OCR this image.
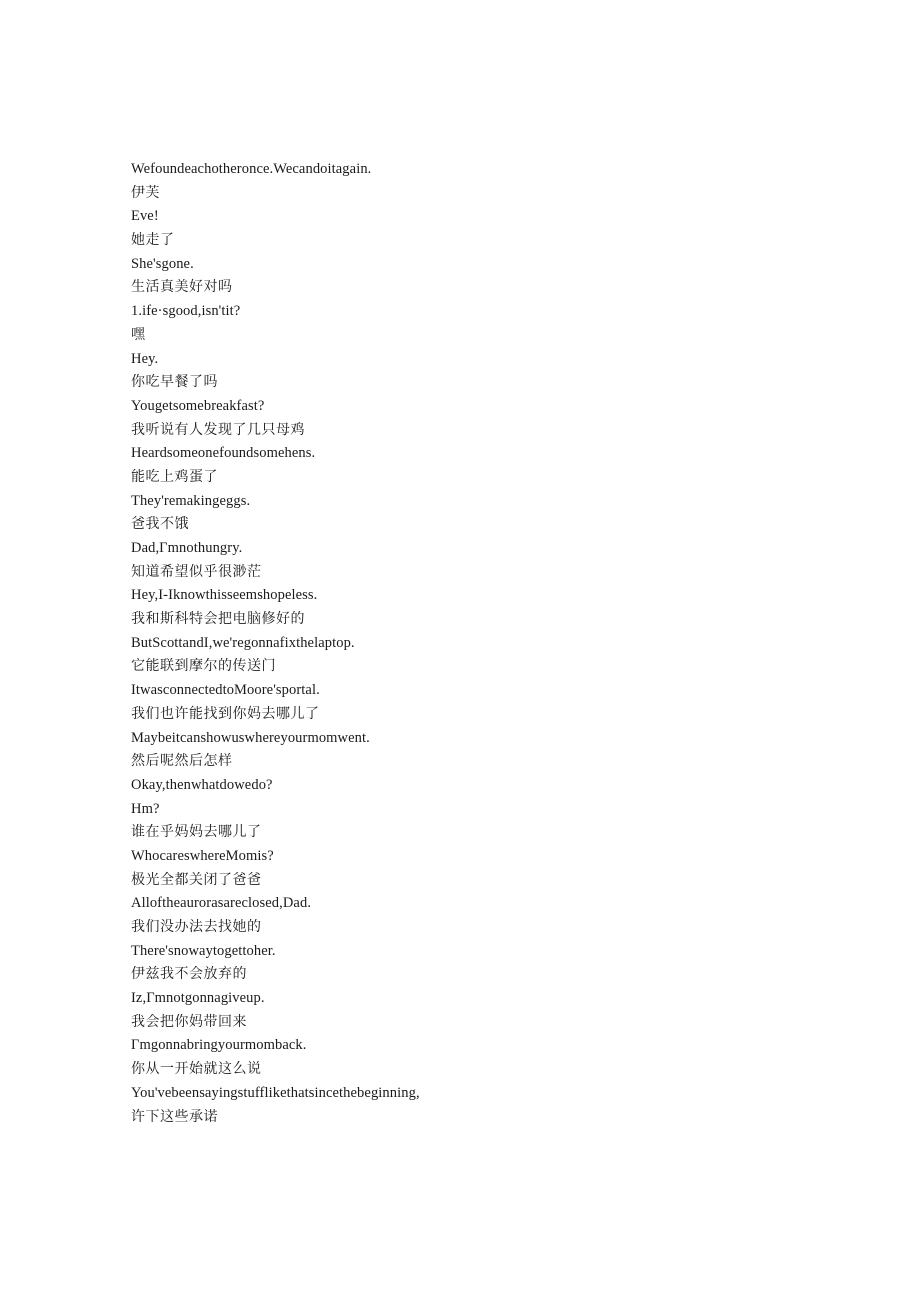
Wefoundeachotheronce.Wecandoitagain.
伊芙
Eve!
她走了
She'sgone.
生活真美好对吗
1.ife·sgood,isn'tit?
嘿
Hey.
你吃早餐了吗
Yougetsomebreakfast?
我听说有人发现了几只母鸡
Heardsomeonefoundsomehens.
能吃上鸡蛋了
They'remakingeggs.
爸我不饿
Dad,Γmnothungry.
知道希望似乎很渺茫
Hey,I-Iknowthisseemshopeless.
我和斯科特会把电脑修好的
ButScottandI,we'regonnafixthelaptop.
它能联到摩尔的传送门
ItwasconnectedtoMoore'sportal.
我们也许能找到你妈去哪儿了
Maybeitcanshowuswhereyourmomwent.
然后呢然后怎样
Okay,thenwhatdowedo?
Hm?
谁在乎妈妈去哪儿了
WhocareswhereMomis?
极光全都关闭了爸爸
Alloftheaurorasareclosed,Dad.
我们没办法去找她的
There'snowaytogettoher.
伊兹我不会放弃的
Iz,Γmnotgonnagiveup.
我会把你妈带回来
Γmgonnabringyourmomback.
你从一开始就这么说
You'vebeensayingstufflikethatsincethebeginning,
许下这些承诺
